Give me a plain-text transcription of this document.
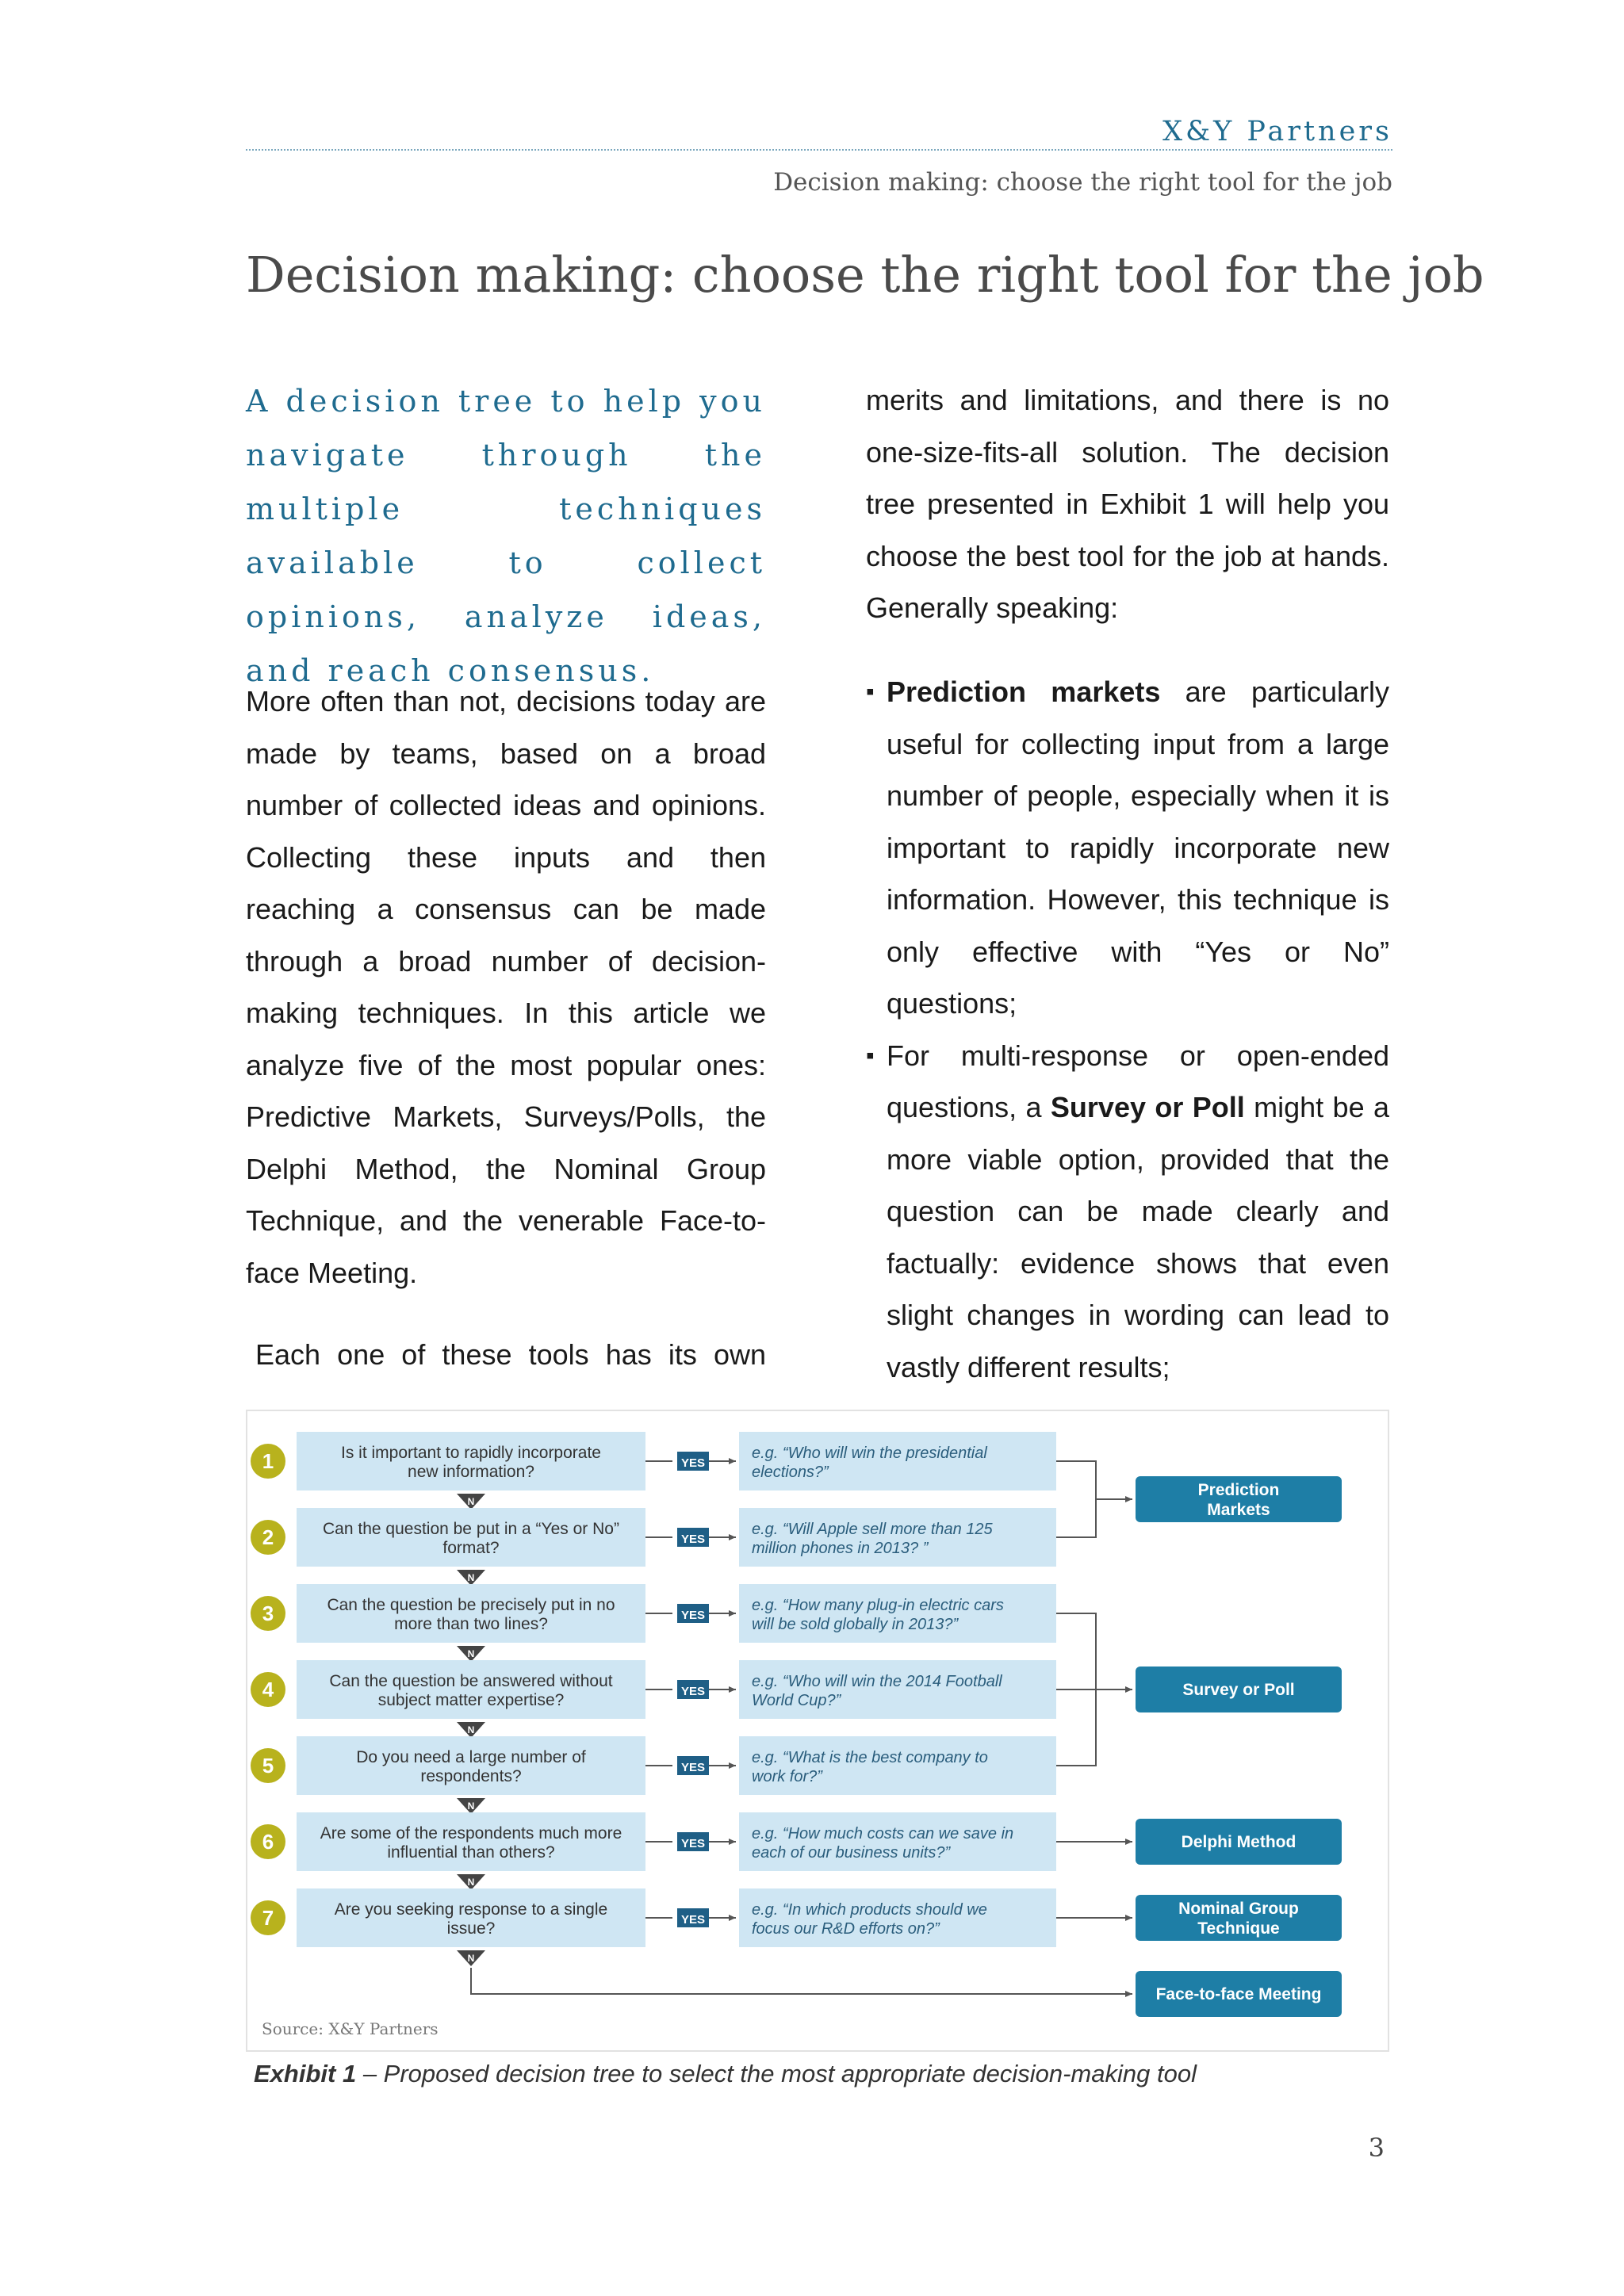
X&Y Partners
Decision making: choose the right tool for the job
Decision making: choose the right tool for the job
A decision tree to help you navigate through the multiple techniques available to collect opinions, analyze ideas, and reach consensus.
More often than not, decisions today are made by teams, based on a broad number of collected ideas and opinions. Collecting these inputs and then reaching a consensus can be made through a broad number of decision-making techniques. In this article we analyze five of the most popular ones: Predictive Markets, Surveys/Polls, the Delphi Method, the Nominal Group Technique, and the venerable Face-to-face Meeting.
Each one of these tools has its own
merits and limitations, and there is no one-size-fits-all solution. The decision tree presented in Exhibit 1 will help you choose the best tool for the job at hands. Generally speaking:
▪ Prediction markets are particularly useful for collecting input from a large number of people, especially when it is important to rapidly incorporate new information. However, this technique is only effective with “Yes or No” questions;
▪ For multi-response or open-ended questions, a Survey or Poll might be a more viable option, provided that the question can be made clearly and factually: evidence shows that even slight changes in wording can lead to vastly different results;
Is it important to rapidly incorporate new information?
1	YES
e.g. “Who will win the presidential elections?”
N
Can the question be put in a “Yes or No” format?
2	YES
e.g. “Will Apple sell more than 125 million phones in 2013? ”
N
Can the question be precisely put in no more than two lines?
3	YES
e.g. “How many plug-in electric cars will be sold globally in 2013?”
N
Can the question be answered without subject matter expertise?
4	YES
e.g. “Who will win the 2014 Football World Cup?”
N
Do you need a large number of respondents?
5	YES
e.g. “What is the best company to work for?”
N
Are some of the respondents much more influential than others?
6	YES
e.g. “How much costs can we save in each of our business units?”
N
Are you seeking response to a single issue?
7	YES
e.g. “In which products should we focus our R&D efforts on?”
N
Prediction Markets
Survey or Poll
Delphi Method
Nominal Group Technique
Face-to-face Meeting
Source: X&Y Partners
Exhibit 1 – Proposed decision tree to select the most appropriate decision-making tool
3
